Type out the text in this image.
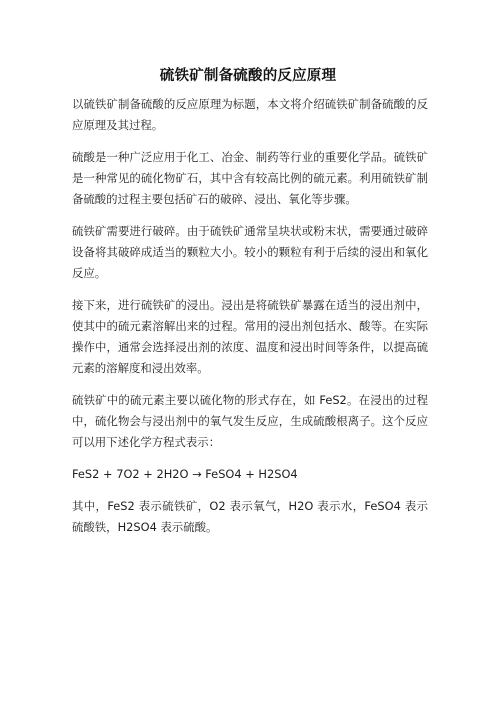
硫铁矿制备硫酸的反应原理

以硫铁矿制备硫酸的反应原理为标题，本文将介绍硫铁矿制备硫酸的反应原理及其过程。

硫酸是一种广泛应用于化工、冶金、制药等行业的重要化学品。硫铁矿是一种常见的硫化物矿石，其中含有较高比例的硫元素。利用硫铁矿制备硫酸的过程主要包括矿石的破碎、浸出、氧化等步骤。

硫铁矿需要进行破碎。由于硫铁矿通常呈块状或粉末状，需要通过破碎设备将其破碎成适当的颗粒大小。较小的颗粒有利于后续的浸出和氧化反应。

接下来，进行硫铁矿的浸出。浸出是将硫铁矿暴露在适当的浸出剂中，使其中的硫元素溶解出来的过程。常用的浸出剂包括水、酸等。在实际操作中，通常会选择浸出剂的浓度、温度和浸出时间等条件，以提高硫元素的溶解度和浸出效率。

硫铁矿中的硫元素主要以硫化物的形式存在，如 FeS2。在浸出的过程中，硫化物会与浸出剂中的氧气发生反应，生成硫酸根离子。这个反应可以用下述化学方程式表示：

FeS2 + 7O2 + 2H2O → FeSO4 + H2SO4

其中，FeS2 表示硫铁矿，O2 表示氧气，H2O 表示水，FeSO4 表示硫酸铁，H2SO4 表示硫酸。
